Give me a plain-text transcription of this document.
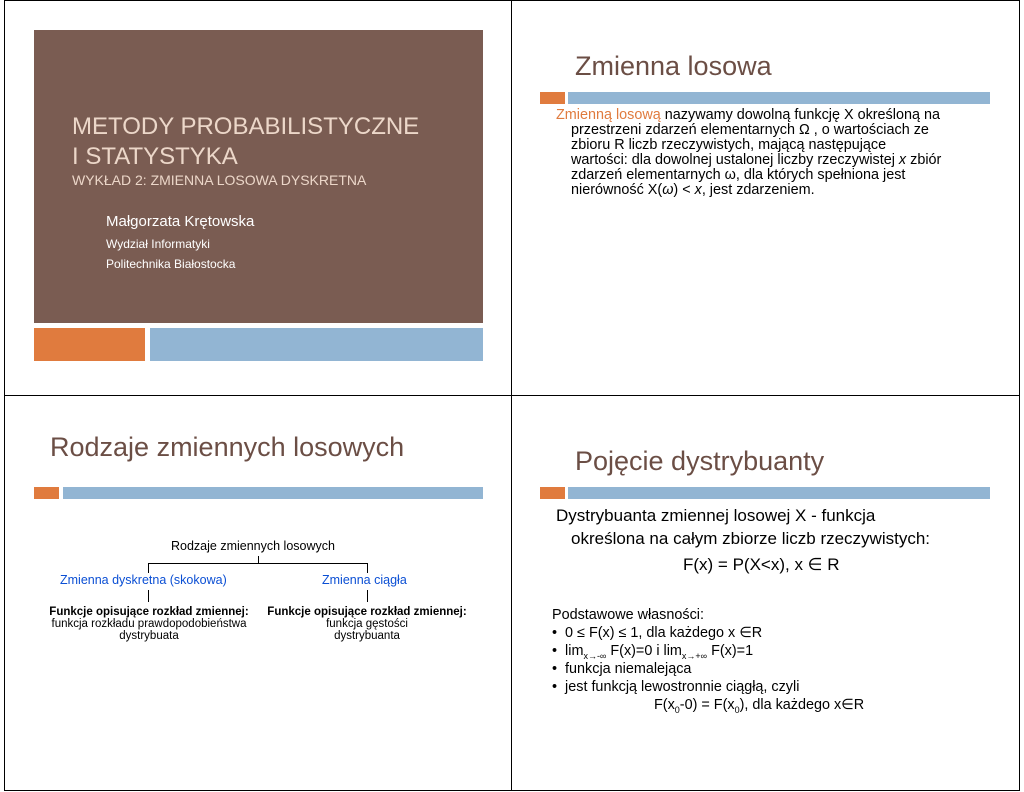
METODY PROBABILISTYCZNE
I STATYSTYKA
WYKŁAD 2: ZMIENNA LOSOWA DYSKRETNA
Małgorzata Krętowska
Wydział Informatyki
Politechnika Białostocka
Zmienna losowa
Zmienną losową nazywamy dowolną funkcję X określoną na
przestrzeni zdarzeń elementarnych Ω , o wartościach ze
zbioru R liczb rzeczywistych, mającą następujące
wartości: dla dowolnej ustalonej liczby rzeczywistej x zbiór
zdarzeń elementarnych ω, dla których spełniona jest
nierówność X(ω) < x, jest zdarzeniem.
Rodzaje zmiennych losowych
Rodzaje zmiennych losowych
Zmienna dyskretna (skokowa)	Zmienna ciągła
Funkcje opisujące rozkład zmiennej:
funkcja rozkładu prawdopodobieństwa
dystrybuata
Funkcje opisujące rozkład zmiennej:
funkcja gęstości
dystrybuanta
Pojęcie dystrybuanty
Dystrybuanta zmiennej losowej X - funkcja
określona na całym zbiorze liczb rzeczywistych:
F(x) = P(X<x), x ∈ R
Podstawowe własności:
• 0 ≤ F(x) ≤ 1, dla każdego x ∈R
• $\lim_{x\to-\infty} F(x)=0$ i $\lim_{x\to+\infty} F(x)=1$
• funkcja niemalejąca
• jest funkcją lewostronnie ciągłą, czyli
$F(x_0-0) = F(x_0)$, dla każdego x∈R
